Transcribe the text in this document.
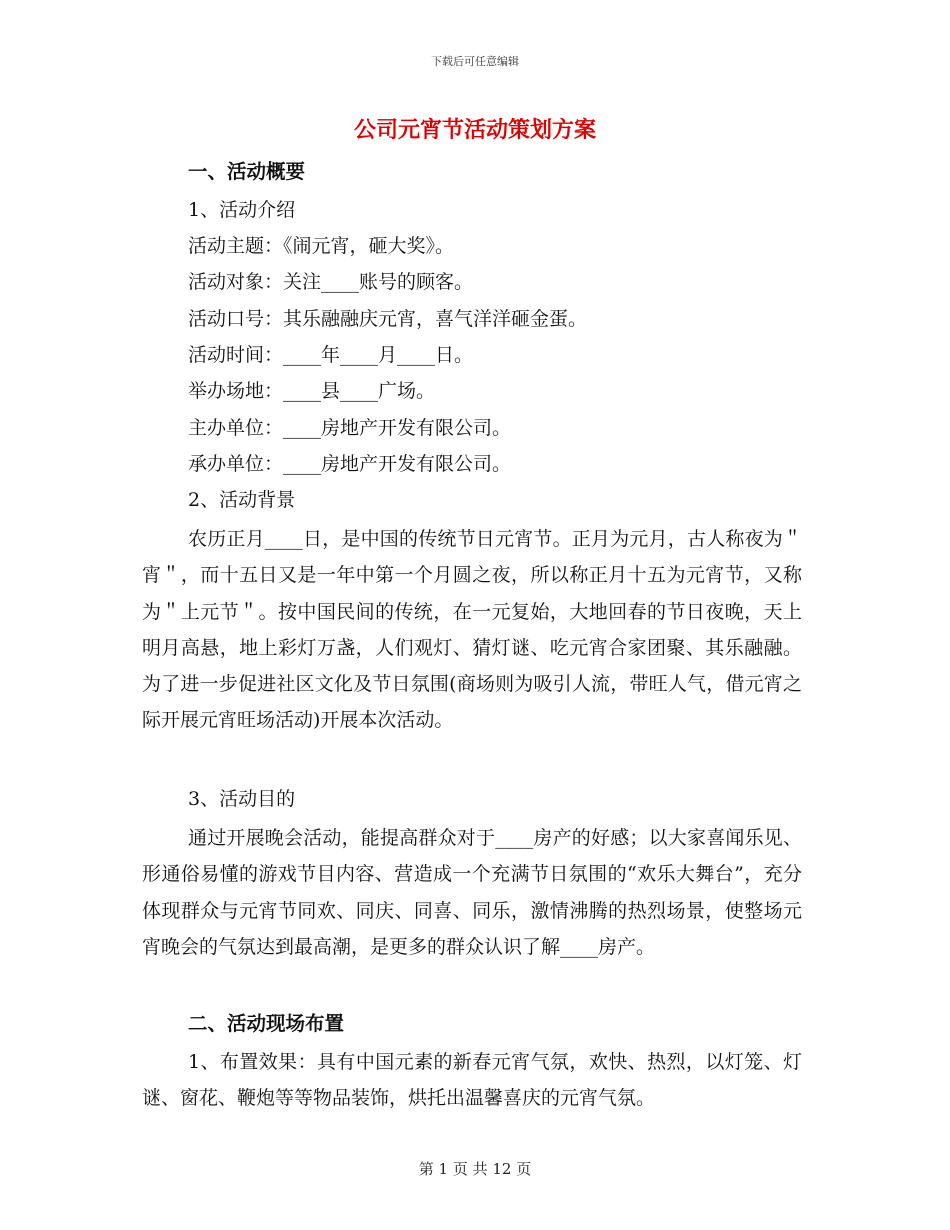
下载后可任意编辑
公司元宵节活动策划方案
一、活动概要
1、活动介绍
活动主题：《闹元宵，砸大奖》。
活动对象：关注____账号的顾客。
活动口号：其乐融融庆元宵，喜气洋洋砸金蛋。
活动时间：____年____月____日。
举办场地：____县____广场。
主办单位：____房地产开发有限公司。
承办单位：____房地产开发有限公司。
2、活动背景
农历正月____日，是中国的传统节日元宵节。正月为元月，古人称夜为＂宵＂，而十五日又是一年中第一个月圆之夜，所以称正月十五为元宵节，又称为＂上元节＂。按中国民间的传统，在一元复始，大地回春的节日夜晚，天上明月高悬，地上彩灯万盏，人们观灯、猜灯谜、吃元宵合家团聚、其乐融融。为了进一步促进社区文化及节日氛围(商场则为吸引人流，带旺人气，借元宵之际开展元宵旺场活动)开展本次活动。
3、活动目的
通过开展晚会活动，能提高群众对于____房产的好感；以大家喜闻乐见、形通俗易懂的游戏节目内容、营造成一个充满节日氛围的“欢乐大舞台”，充分体现群众与元宵节同欢、同庆、同喜、同乐，激情沸腾的热烈场景，使整场元宵晚会的气氛达到最高潮，是更多的群众认识了解____房产。
二、活动现场布置
1、布置效果：具有中国元素的新春元宵气氛，欢快、热烈，以灯笼、灯谜、窗花、鞭炮等等物品装饰，烘托出温馨喜庆的元宵气氛。
第 1 页 共 12 页
